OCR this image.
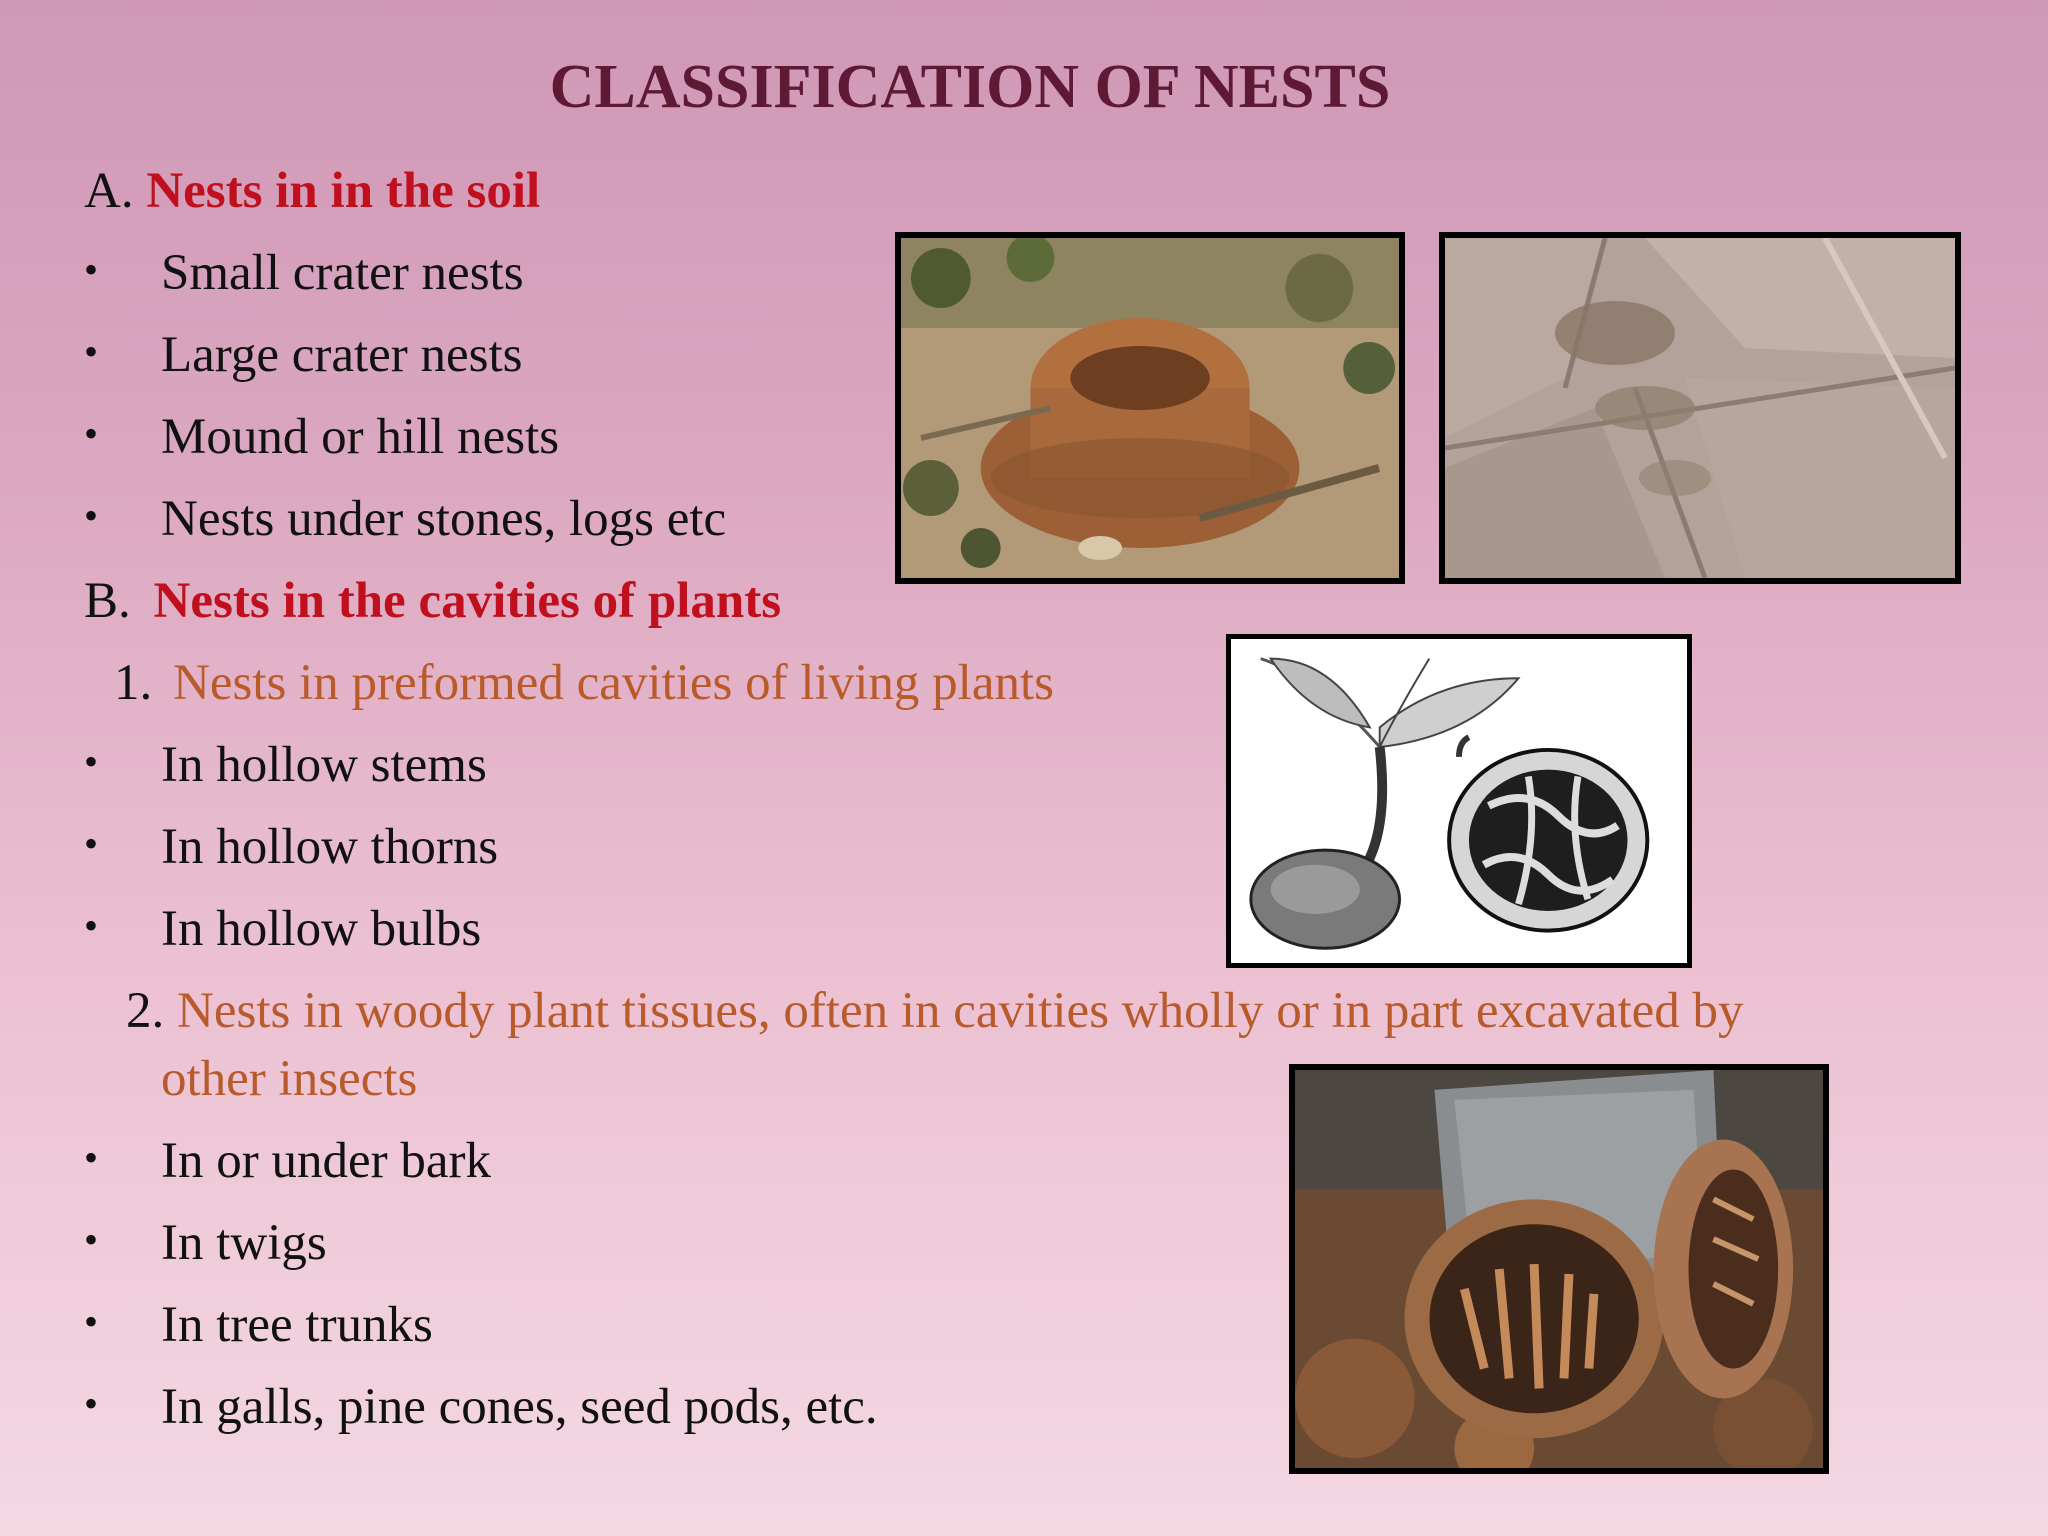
CLASSIFICATION OF NESTS
A. Nests in in the soil
•	Small crater nests
•	Large crater nests
•	Mound or hill nests
•	Nests under stones, logs etc
B. Nests in the cavities of plants
1. Nests in preformed cavities of living plants
•	In hollow stems
•	In hollow thorns
•	In hollow bulbs
2. Nests in woody plant tissues, often in cavities wholly or in part excavated by
other insects
•	In or under bark
•	In twigs
•	In tree trunks
•	In galls, pine cones, seed pods, etc.
